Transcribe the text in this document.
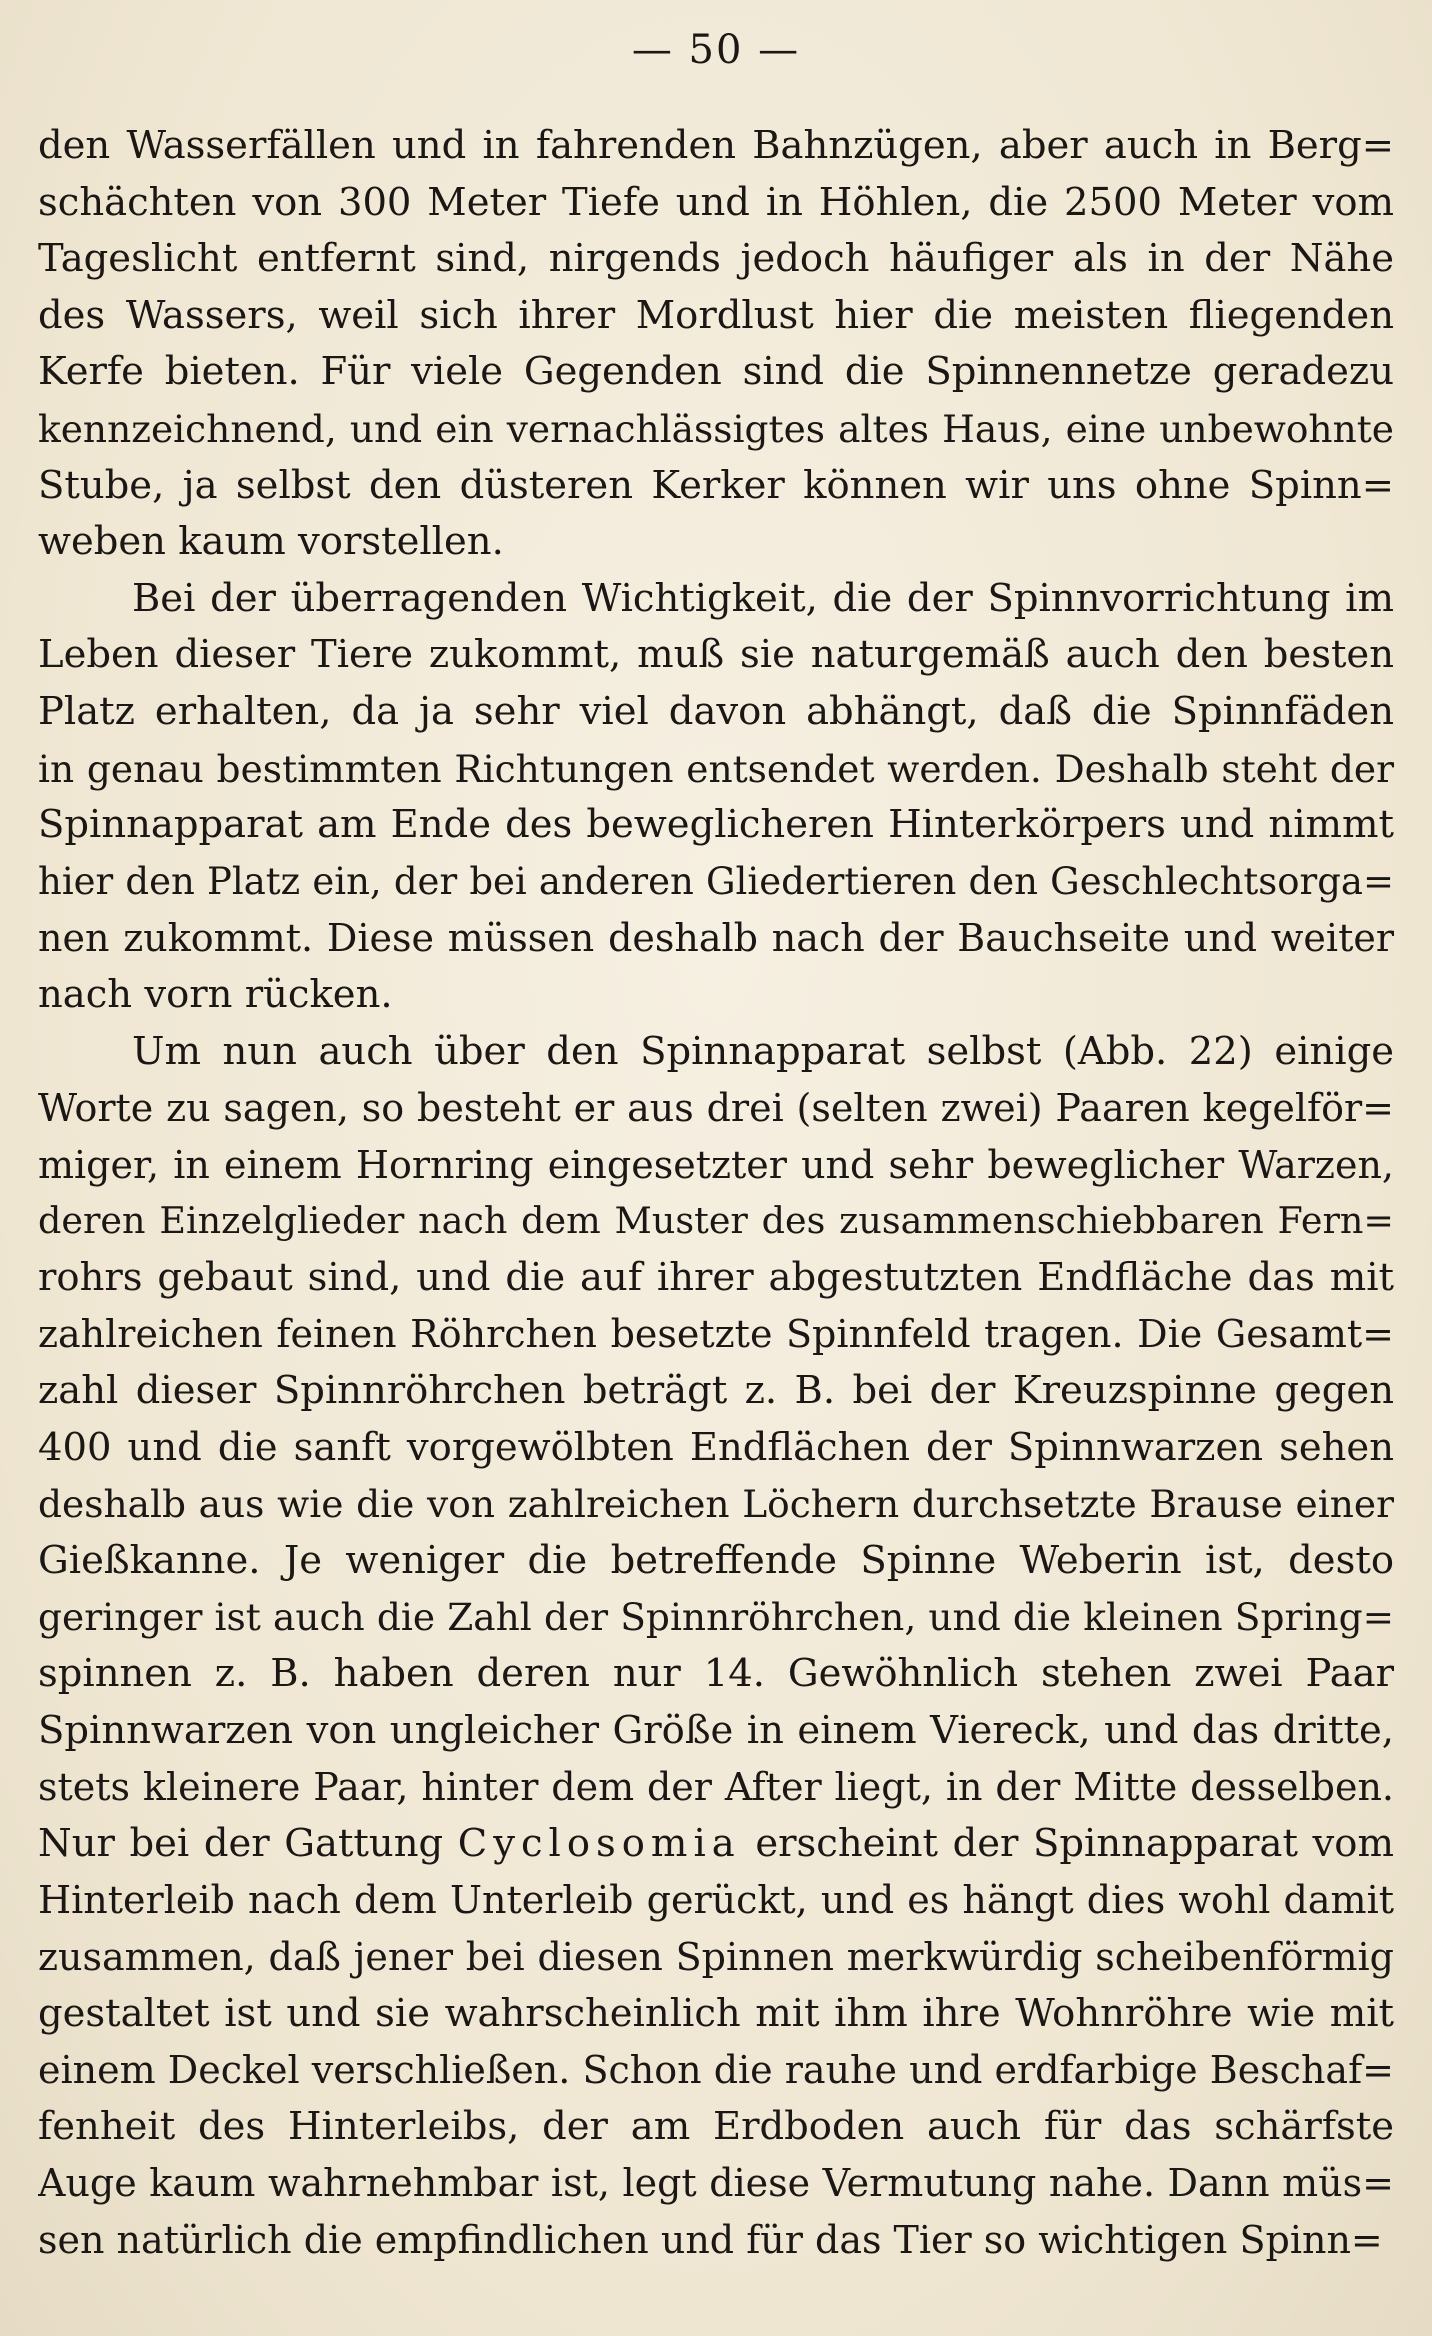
— 50 —
den Wasserfällen und in fahrenden Bahnzügen, aber auch in Berg=
schächten von 300 Meter Tiefe und in Höhlen, die 2500 Meter vom
Tageslicht entfernt sind, nirgends jedoch häufiger als in der Nähe
des Wassers, weil sich ihrer Mordlust hier die meisten fliegenden
Kerfe bieten. Für viele Gegenden sind die Spinnennetze geradezu
kennzeichnend, und ein vernachlässigtes altes Haus, eine unbewohnte
Stube, ja selbst den düsteren Kerker können wir uns ohne Spinn=
weben kaum vorstellen.
Bei der überragenden Wichtigkeit, die der Spinnvorrichtung im
Leben dieser Tiere zukommt, muß sie naturgemäß auch den besten
Platz erhalten, da ja sehr viel davon abhängt, daß die Spinnfäden
in genau bestimmten Richtungen entsendet werden. Deshalb steht der
Spinnapparat am Ende des beweglicheren Hinterkörpers und nimmt
hier den Platz ein, der bei anderen Gliedertieren den Geschlechtsorga=
nen zukommt. Diese müssen deshalb nach der Bauchseite und weiter
nach vorn rücken.
Um nun auch über den Spinnapparat selbst (Abb. 22) einige
Worte zu sagen, so besteht er aus drei (selten zwei) Paaren kegelför=
miger, in einem Hornring eingesetzter und sehr beweglicher Warzen,
deren Einzelglieder nach dem Muster des zusammenschiebbaren Fern=
rohrs gebaut sind, und die auf ihrer abgestutzten Endfläche das mit
zahlreichen feinen Röhrchen besetzte Spinnfeld tragen. Die Gesamt=
zahl dieser Spinnröhrchen beträgt z. B. bei der Kreuzspinne gegen
400 und die sanft vorgewölbten Endflächen der Spinnwarzen sehen
deshalb aus wie die von zahlreichen Löchern durchsetzte Brause einer
Gießkanne. Je weniger die betreffende Spinne Weberin ist, desto
geringer ist auch die Zahl der Spinnröhrchen, und die kleinen Spring=
spinnen z. B. haben deren nur 14. Gewöhnlich stehen zwei Paar
Spinnwarzen von ungleicher Größe in einem Viereck, und das dritte,
stets kleinere Paar, hinter dem der After liegt, in der Mitte desselben.
Nur bei der Gattung Cyclosomia erscheint der Spinnapparat vom
Hinterleib nach dem Unterleib gerückt, und es hängt dies wohl damit
zusammen, daß jener bei diesen Spinnen merkwürdig scheibenförmig
gestaltet ist und sie wahrscheinlich mit ihm ihre Wohnröhre wie mit
einem Deckel verschließen. Schon die rauhe und erdfarbige Beschaf=
fenheit des Hinterleibs, der am Erdboden auch für das schärfste
Auge kaum wahrnehmbar ist, legt diese Vermutung nahe. Dann müs=
sen natürlich die empfindlichen und für das Tier so wichtigen Spinn=
